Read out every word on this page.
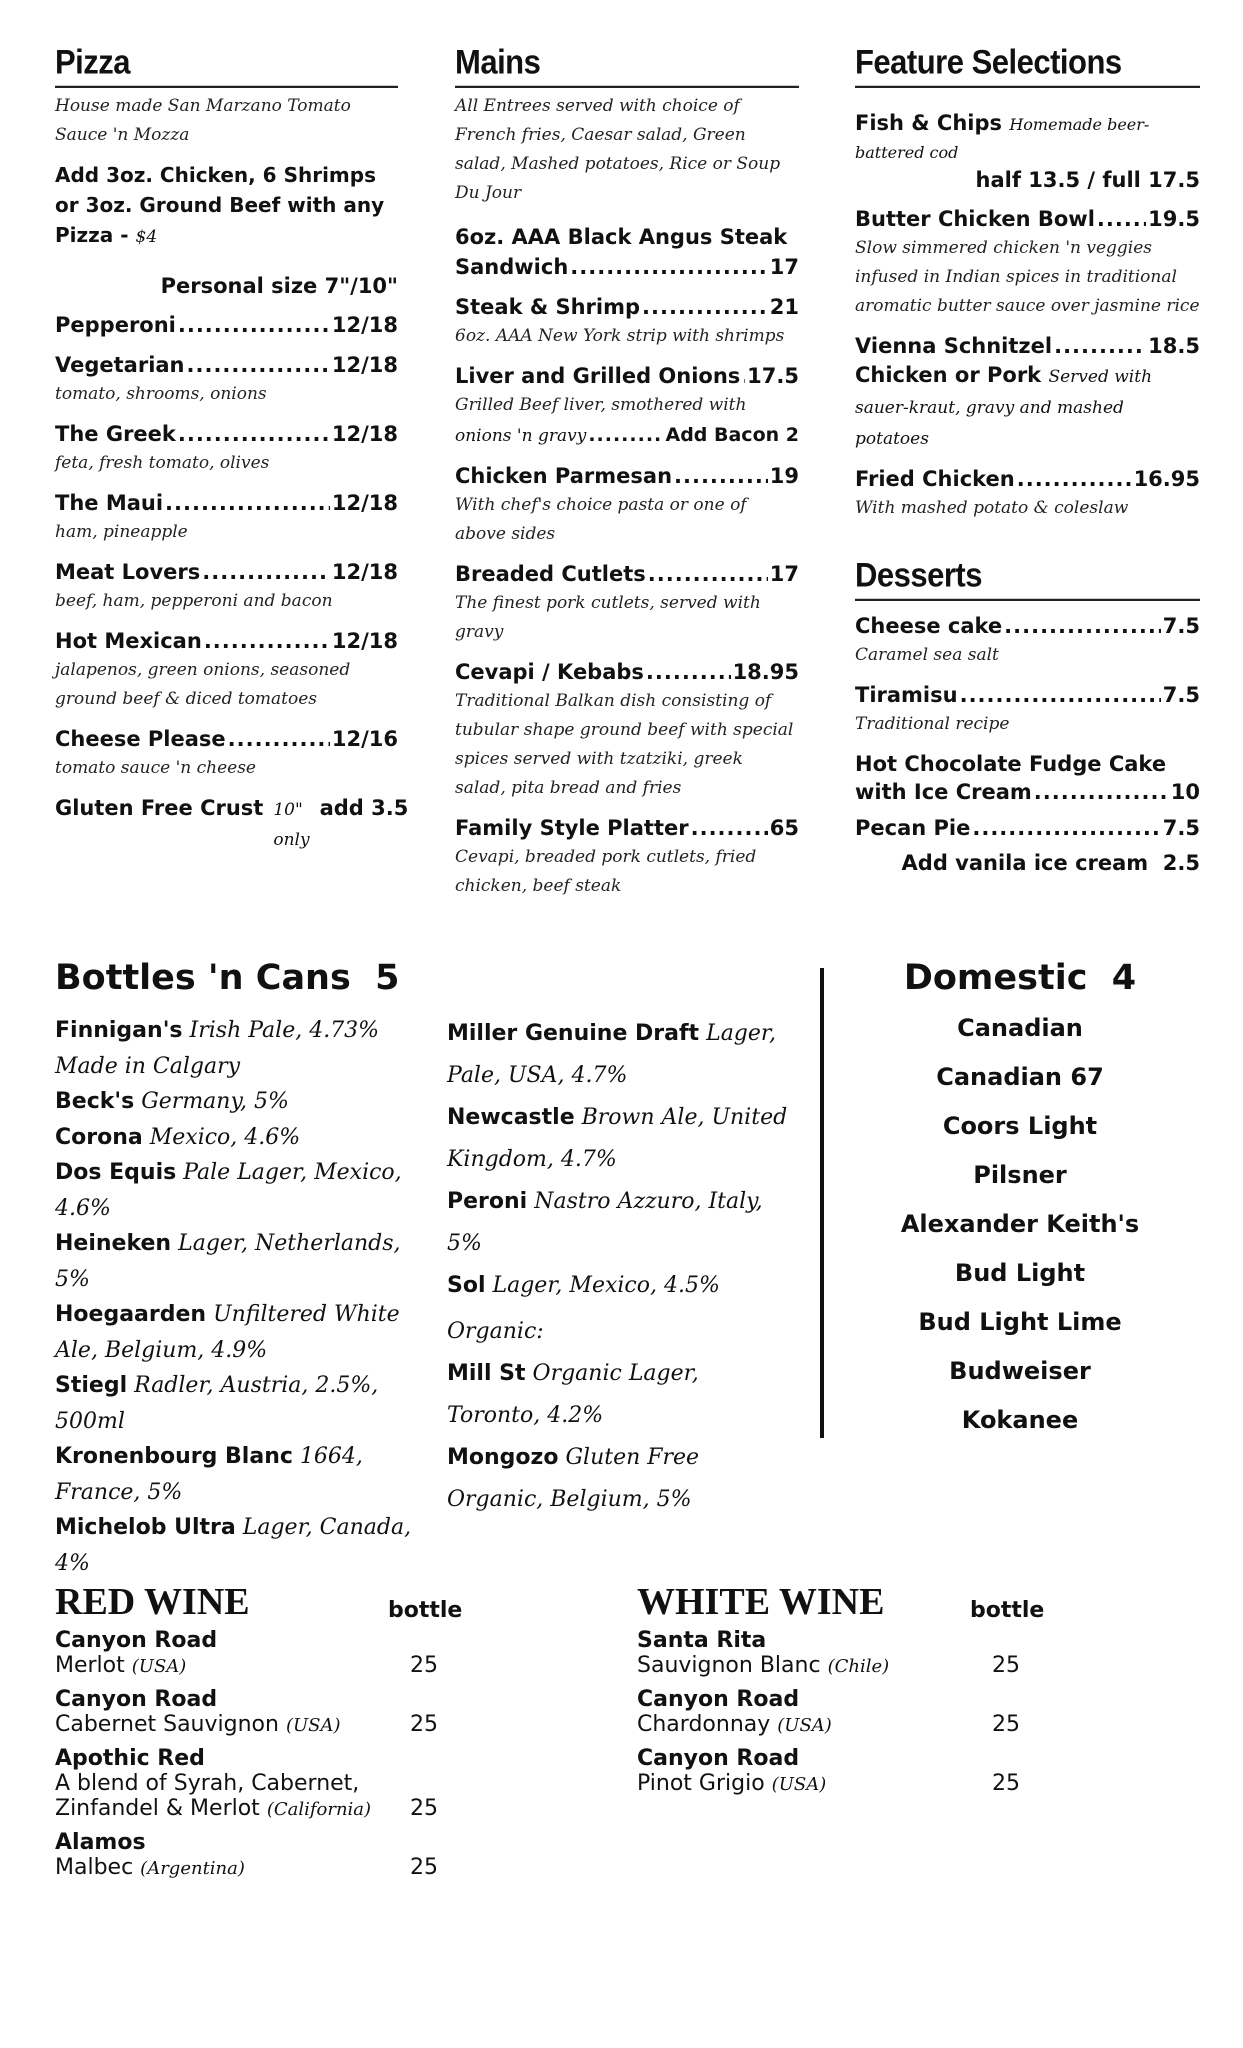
Pizza
House made San Marzano Tomato Sauce 'n Mozza
Add 3oz. Chicken, 6 Shrimps or 3oz. Ground Beef with any Pizza - $4
Personal size 7"/10"
Pepperoni .....	12/18
Vegetarian .....	12/18
tomato, shrooms, onions
The Greek .....	12/18
feta, fresh tomato, olives
The Maui .....	12/18
ham, pineapple
Meat Lovers .....	12/18
beef, ham, pepperoni and bacon
Hot Mexican .....	12/18
jalapenos, green onions, seasoned ground beef & diced tomatoes
Cheese Please .....	12/16
tomato sauce 'n cheese
Gluten Free Crust 10" only
add 3.5
Mains
All Entrees served with choice of French fries, Caesar salad, Green salad, Mashed potatoes, Rice or Soup Du Jour
6oz. AAA Black Angus Steak
Sandwich .....	17
Steak & Shrimp .....	21
6oz. AAA New York strip with shrimps
Liver and Grilled Onions ..... 17.5
Grilled Beef liver, smothered with
onions 'n gravy .....	Add Bacon 2
Chicken Parmesan .....	19
With chef's choice pasta or one of above sides
Breaded Cutlets .....	17
The finest pork cutlets, served with gravy
Cevapi / Kebabs .....	18.95
Traditional Balkan dish consisting of tubular shape ground beef with special spices served with tzatziki, greek salad, pita bread and fries
Family Style Platter .....	65
Cevapi, breaded pork cutlets, fried chicken, beef steak
Feature Selections
Fish & Chips Homemade beer-battered cod
half 13.5 / full 17.5
Butter Chicken Bowl .....	19.5
Slow simmered chicken 'n veggies infused in Indian spices in traditional aromatic butter sauce over jasmine rice
Vienna Schnitzel .....	18.5
Chicken or Pork Served with sauer-kraut, gravy and mashed potatoes
Fried Chicken .....	16.95
With mashed potato & coleslaw
Desserts
Cheese cake .....	7.5
Caramel sea salt
Tiramisu .....	7.5
Traditional recipe
Hot Chocolate Fudge Cake
with Ice Cream .....	10
Pecan Pie .....	7.5
Add vanila ice cream  2.5
Bottles 'n Cans  5
Finnigan's Irish Pale, 4.73% Made in Calgary
Beck's Germany, 5%
Corona Mexico, 4.6%
Dos Equis Pale Lager, Mexico, 4.6%
Heineken Lager, Netherlands, 5%
Hoegaarden Unfiltered White Ale, Belgium, 4.9%
Stiegl Radler, Austria, 2.5%, 500ml
Kronenbourg Blanc 1664, France, 5%
Michelob Ultra Lager, Canada, 4%
Miller Genuine Draft Lager, Pale, USA, 4.7%
Newcastle Brown Ale, United Kingdom, 4.7%
Peroni Nastro Azzuro, Italy, 5%
Sol Lager, Mexico, 4.5%
Organic:
Mill St Organic Lager, Toronto, 4.2%
Mongozo Gluten Free Organic, Belgium, 5%
Domestic  4
Canadian
Canadian 67
Coors Light
Pilsner
Alexander Keith's
Bud Light
Bud Light Lime
Budweiser
Kokanee
RED WINE	bottle
Canyon Road
Merlot (USA)	25
Canyon Road
Cabernet Sauvignon (USA)	25
Apothic Red
A blend of Syrah, Cabernet,
Zinfandel & Merlot (California) 25
Alamos
Malbec (Argentina)	25
WHITE WINE	bottle
Santa Rita
Sauvignon Blanc (Chile)	25
Canyon Road
Chardonnay (USA)	25
Canyon Road
Pinot Grigio (USA)	25
